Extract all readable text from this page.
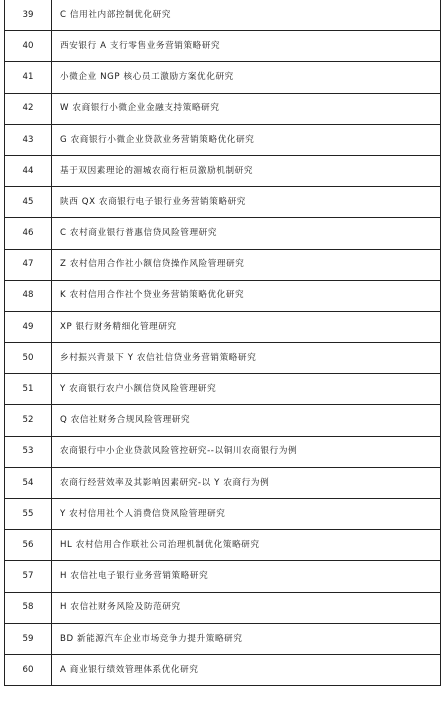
39	C 信用社内部控制优化研究
40	西安银行 A 支行零售业务营销策略研究
41	小微企业 NGP 核心员工激励方案优化研究
42	W 农商银行小微企业金融支持策略研究
43	G 农商银行小微企业贷款业务营销策略优化研究
44	基于双因素理论的湄城农商行柜员激励机制研究
45	陕西 QX 农商银行电子银行业务营销策略研究
46	C 农村商业银行普惠信贷风险管理研究
47	Z 农村信用合作社小额信贷操作风险管理研究
48	K 农村信用合作社个贷业务营销策略优化研究
49	XP 银行财务精细化管理研究
50	乡村振兴背景下 Y 农信社信贷业务营销策略研究
51	Y 农商银行农户小额信贷风险管理研究
52	Q 农信社财务合规风险管理研究
53	农商银行中小企业贷款风险管控研究--以铜川农商银行为例
54	农商行经营效率及其影响因素研究-以 Y 农商行为例
55	Y 农村信用社个人消费信贷风险管理研究
56	HL 农村信用合作联社公司治理机制优化策略研究
57	H 农信社电子银行业务营销策略研究
58	H 农信社财务风险及防范研究
59	BD 新能源汽车企业市场竞争力提升策略研究
60	A 商业银行绩效管理体系优化研究
